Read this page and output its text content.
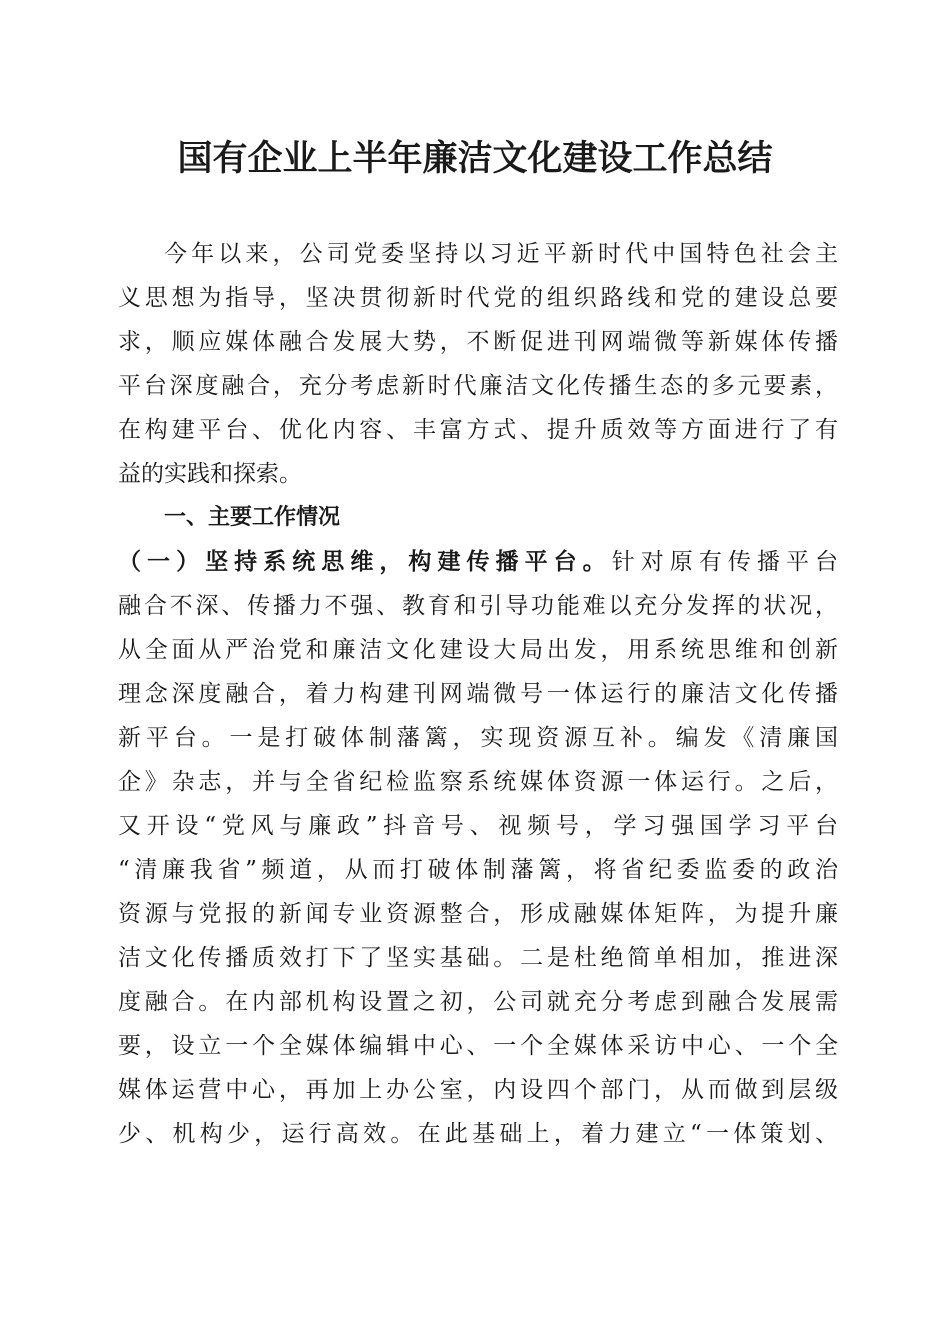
国有企业上半年廉洁文化建设工作总结
今年以来，公司党委坚持以习近平新时代中国特色社会主
义思想为指导，坚决贯彻新时代党的组织路线和党的建设总要
求，顺应媒体融合发展大势，不断促进刊网端微等新媒体传播
平台深度融合，充分考虑新时代廉洁文化传播生态的多元要素，
在构建平台、优化内容、丰富方式、提升质效等方面进行了有
益的实践和探索。
一、主要工作情况
（一）坚持系统思维，构建传播平台。针对原有传播平台
融合不深、传播力不强、教育和引导功能难以充分发挥的状况，
从全面从严治党和廉洁文化建设大局出发，用系统思维和创新
理念深度融合，着力构建刊网端微号一体运行的廉洁文化传播
新平台。一是打破体制藩篱，实现资源互补。编发《清廉国
企》杂志，并与全省纪检监察系统媒体资源一体运行。之后，
又开设“党风与廉政”抖音号、视频号，学习强国学习平台
“清廉我省”频道，从而打破体制藩篱，将省纪委监委的政治
资源与党报的新闻专业资源整合，形成融媒体矩阵，为提升廉
洁文化传播质效打下了坚实基础。二是杜绝简单相加，推进深
度融合。在内部机构设置之初，公司就充分考虑到融合发展需
要，设立一个全媒体编辑中心、一个全媒体采访中心、一个全
媒体运营中心，再加上办公室，内设四个部门，从而做到层级
少、机构少，运行高效。在此基础上，着力建立“一体策划、
